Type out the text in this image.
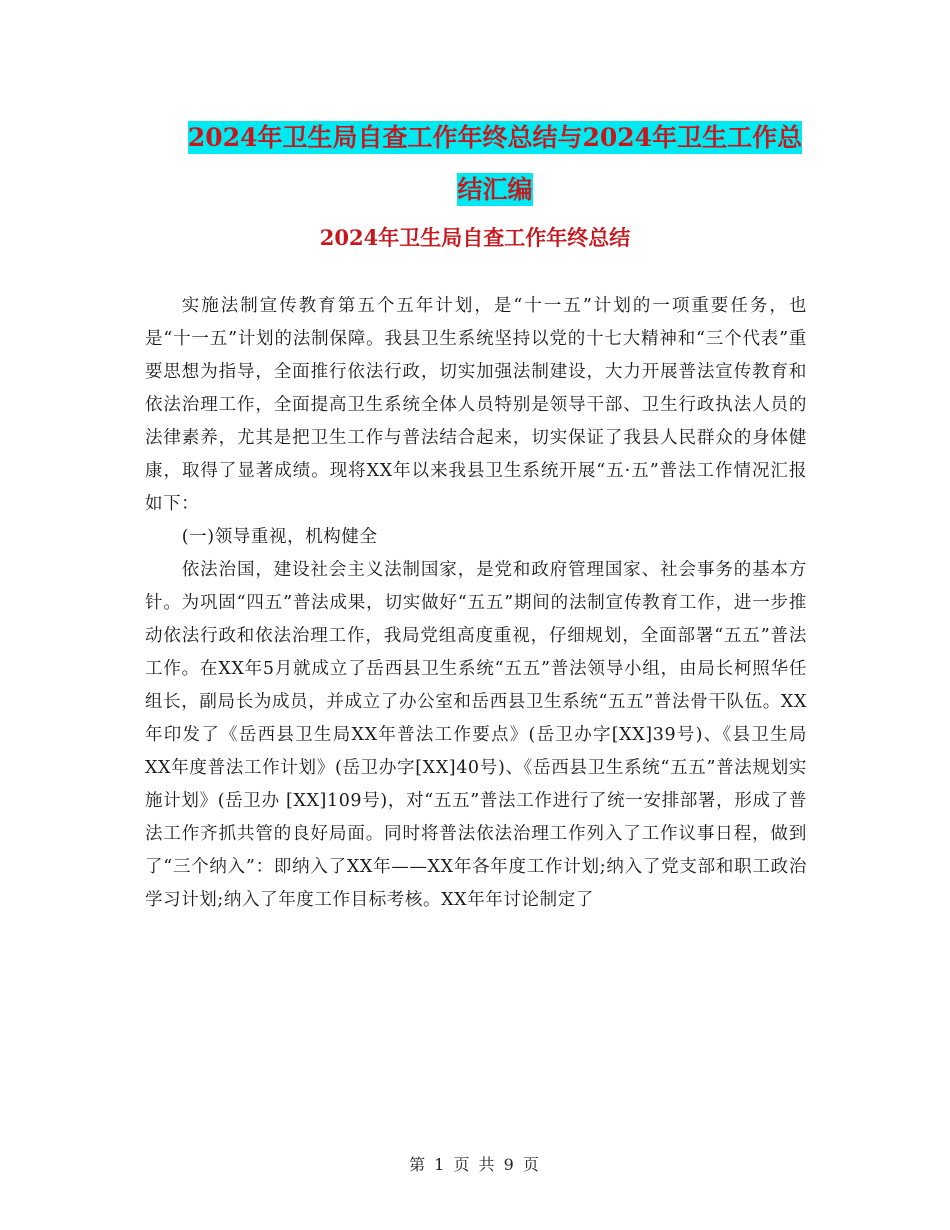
2024年卫生局自查工作年终总结与2024年卫生工作总
结汇编
2024年卫生局自查工作年终总结

实施法制宣传教育第五个五年计划，是“十一五”计划的一项重要任务，也是“十一五”计划的法制保障。我县卫生系统坚持以党的十七大精神和“三个代表”重要思想为指导，全面推行依法行政，切实加强法制建设，大力开展普法宣传教育和依法治理工作，全面提高卫生系统全体人员特别是领导干部、卫生行政执法人员的法律素养，尤其是把卫生工作与普法结合起来，切实保证了我县人民群众的身体健康，取得了显著成绩。现将XX年以来我县卫生系统开展“五·五”普法工作情况汇报如下：

(一)领导重视，机构健全

依法治国，建设社会主义法制国家，是党和政府管理国家、社会事务的基本方针。为巩固“四五”普法成果，切实做好“五五”期间的法制宣传教育工作，进一步推动依法行政和依法治理工作，我局党组高度重视，仔细规划，全面部署“五五”普法工作。在XX年5月就成立了岳西县卫生系统“五五”普法领导小组，由局长柯照华任组长，副局长为成员，并成立了办公室和岳西县卫生系统“五五”普法骨干队伍。XX年印发了《岳西县卫生局XX年普法工作要点》(岳卫办字[XX]39号)、《县卫生局XX年度普法工作计划》(岳卫办字[XX]40号)、《岳西县卫生系统“五五”普法规划实施计划》(岳卫办 [XX]109号)，对“五五”普法工作进行了统一安排部署，形成了普法工作齐抓共管的良好局面。同时将普法依法治理工作列入了工作议事日程，做到了“三个纳入”：即纳入了XX年——XX年各年度工作计划;纳入了党支部和职工政治学习计划;纳入了年度工作目标考核。XX年年讨论制定了

第 1 页 共 9 页
